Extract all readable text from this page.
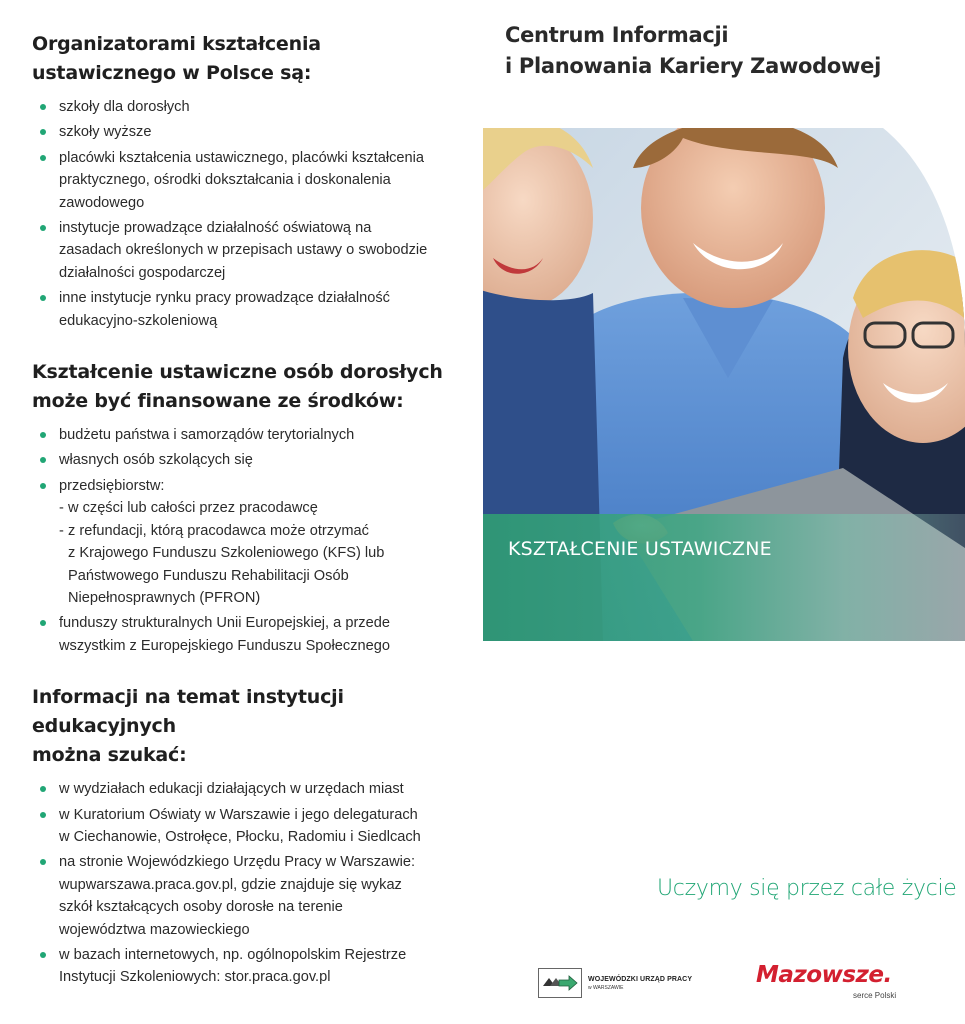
Organizatorami kształcenia
ustawicznego w Polsce są:
szkoły dla dorosłych
szkoły wyższe
placówki kształcenia ustawicznego, placówki kształcenia
praktycznego, ośrodki dokształcania i doskonalenia
zawodowego
instytucje prowadzące działalność oświatową na
zasadach określonych w przepisach ustawy o swobodzie
działalności gospodarczej
inne instytucje rynku pracy prowadzące działalność
edukacyjno-szkoleniową
Kształcenie ustawiczne osób dorosłych
może być finansowane ze środków:
budżetu państwa i samorządów terytorialnych
własnych osób szkolących się
przedsiębiorstw:
- w części lub całości przez pracodawcę
- z refundacji, którą pracodawca może otrzymać
z Krajowego Funduszu Szkoleniowego (KFS) lub
Państwowego Funduszu Rehabilitacji Osób
Niepełnosprawnych (PFRON)
funduszy strukturalnych Unii Europejskiej, a przede
wszystkim z Europejskiego Funduszu Społecznego
Informacji na temat instytucji edukacyjnych
można szukać:
w wydziałach edukacji działających w urzędach miast
w Kuratorium Oświaty w Warszawie i jego delegaturach
w Ciechanowie, Ostrołęce, Płocku, Radomiu i Siedlcach
na stronie Wojewódzkiego Urzędu Pracy w Warszawie:
wupwarszawa.praca.gov.pl, gdzie znajduje się wykaz
szkół kształcących osoby dorosłe na terenie
województwa mazowieckiego
w bazach internetowych, np. ogólnopolskim Rejestrze
Instytucji Szkoleniowych: stor.praca.gov.pl
Centrum Informacji
i Planowania Kariery Zawodowej
KSZTAŁCENIE USTAWICZNE
Uczymy się przez całe życie
WOJEWÓDZKI URZĄD PRACY
w WARSZAWIE	Mazowsze.
serce Polski
